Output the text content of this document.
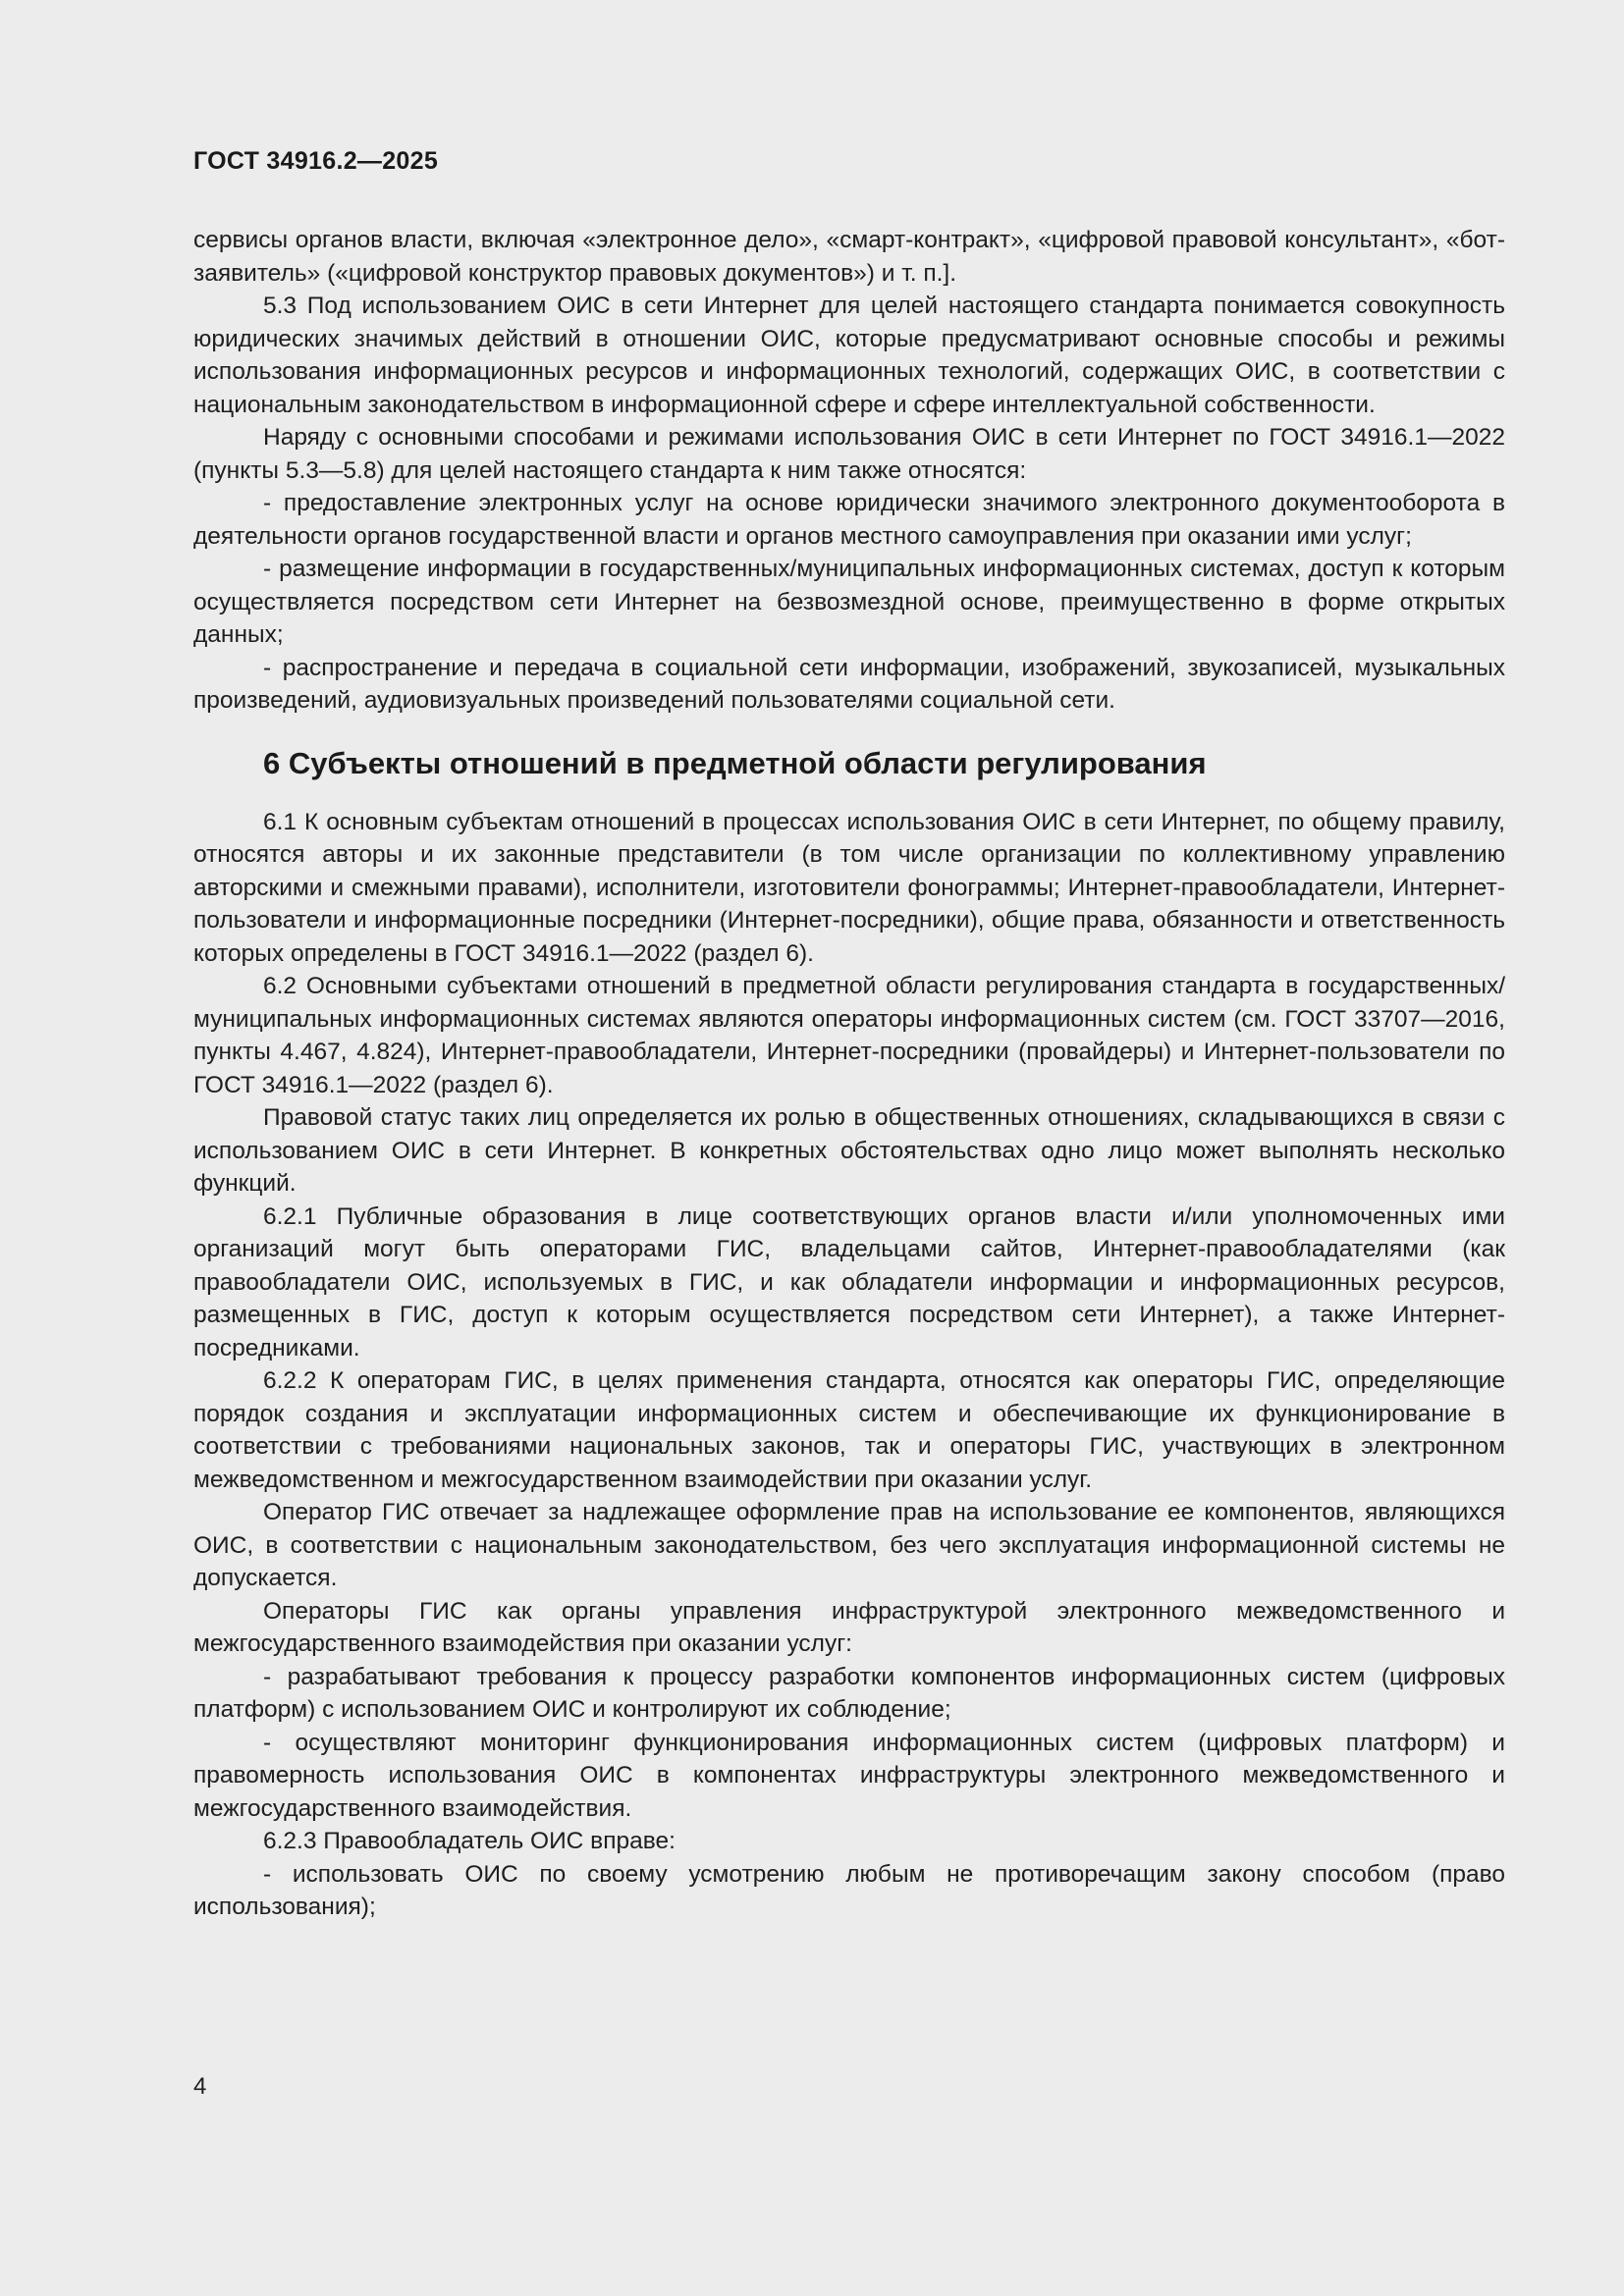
ГОСТ 34916.2—2025

сервисы органов власти, включая «электронное дело», «смарт-контракт», «цифровой правовой консультант», «бот-заявитель» («цифровой конструктор правовых документов») и т. п.].

5.3 Под использованием ОИС в сети Интернет для целей настоящего стандарта понимается совокупность юридических значимых действий в отношении ОИС, которые предусматривают основные способы и режимы использования информационных ресурсов и информационных технологий, содержащих ОИС, в соответствии с национальным законодательством в информационной сфере и сфере интеллектуальной собственности.

Наряду с основными способами и режимами использования ОИС в сети Интернет по ГОСТ 34916.1—2022 (пункты 5.3—5.8) для целей настоящего стандарта к ним также относятся:

- предоставление электронных услуг на основе юридически значимого электронного документооборота в деятельности органов государственной власти и органов местного самоуправления при оказании ими услуг;

- размещение информации в государственных/муниципальных информационных системах, доступ к которым осуществляется посредством сети Интернет на безвозмездной основе, преимущественно в форме открытых данных;

- распространение и передача в социальной сети информации, изображений, звукозаписей, музыкальных произведений, аудиовизуальных произведений пользователями социальной сети.

6 Субъекты отношений в предметной области регулирования

6.1 К основным субъектам отношений в процессах использования ОИС в сети Интернет, по общему правилу, относятся авторы и их законные представители (в том числе организации по коллективному управлению авторскими и смежными правами), исполнители, изготовители фонограммы; Интернет-правообладатели, Интернет-пользователи и информационные посредники (Интернет-посредники), общие права, обязанности и ответственность которых определены в ГОСТ 34916.1—2022 (раздел 6).

6.2 Основными субъектами отношений в предметной области регулирования стандарта в государственных/муниципальных информационных системах являются операторы информационных систем (см. ГОСТ 33707—2016, пункты 4.467, 4.824), Интернет-правообладатели, Интернет-посредники (провайдеры) и Интернет-пользователи по ГОСТ 34916.1—2022 (раздел 6).

Правовой статус таких лиц определяется их ролью в общественных отношениях, складывающихся в связи с использованием ОИС в сети Интернет. В конкретных обстоятельствах одно лицо может выполнять несколько функций.

6.2.1 Публичные образования в лице соответствующих органов власти и/или уполномоченных ими организаций могут быть операторами ГИС, владельцами сайтов, Интернет-правообладателями (как правообладатели ОИС, используемых в ГИС, и как обладатели информации и информационных ресурсов, размещенных в ГИС, доступ к которым осуществляется посредством сети Интернет), а также Интернет-посредниками.

6.2.2 К операторам ГИС, в целях применения стандарта, относятся как операторы ГИС, определяющие порядок создания и эксплуатации информационных систем и обеспечивающие их функционирование в соответствии с требованиями национальных законов, так и операторы ГИС, участвующих в электронном межведомственном и межгосударственном взаимодействии при оказании услуг.

Оператор ГИС отвечает за надлежащее оформление прав на использование ее компонентов, являющихся ОИС, в соответствии с национальным законодательством, без чего эксплуатация информационной системы не допускается.

Операторы ГИС как органы управления инфраструктурой электронного межведомственного и межгосударственного взаимодействия при оказании услуг:

- разрабатывают требования к процессу разработки компонентов информационных систем (цифровых платформ) с использованием ОИС и контролируют их соблюдение;

- осуществляют мониторинг функционирования информационных систем (цифровых платформ) и правомерность использования ОИС в компонентах инфраструктуры электронного межведомственного и межгосударственного взаимодействия.

6.2.3 Правообладатель ОИС вправе:

- использовать ОИС по своему усмотрению любым не противоречащим закону способом (право использования);

4
